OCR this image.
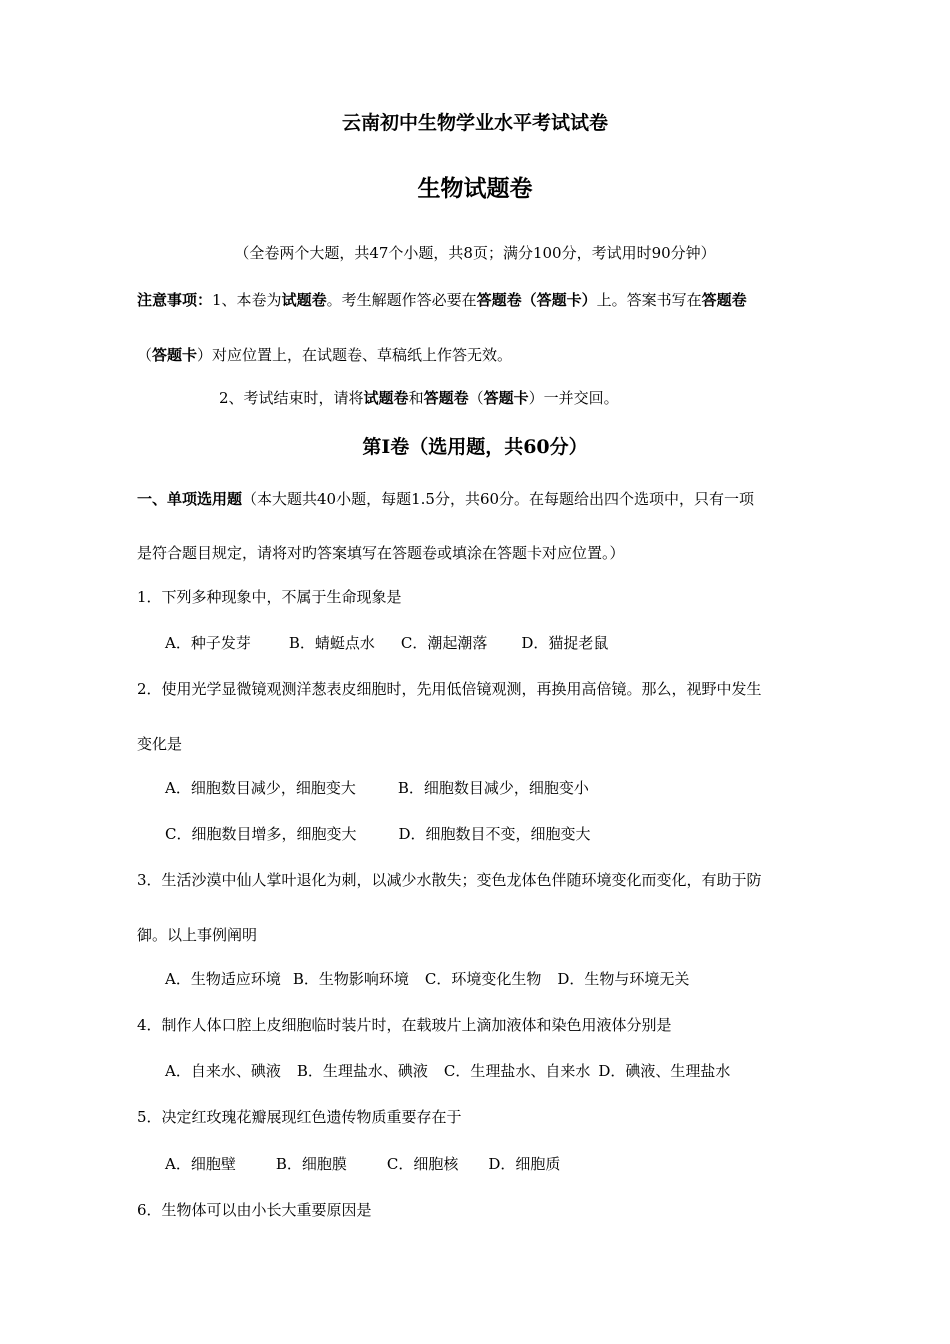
云南初中生物学业水平考试试卷
生物试题卷
（全卷两个大题，共47个小题，共8页；满分100分，考试用时90分钟）
注意事项：1、本卷为试题卷。考生解题作答必要在答题卷（答题卡）上。答案书写在答题卷
（答题卡）对应位置上，在试题卷、草稿纸上作答无效。
2、考试结束时，请将试题卷和答题卷（答题卡）一并交回。
第Ⅰ卷（选用题，共60分）
一、单项选用题（本大题共40小题，每题1.5分，共60分。在每题给出四个选项中，只有一项
是符合题目规定，请将对旳答案填写在答题卷或填涂在答题卡对应位置。）
1．下列多种现象中，不属于生命现象是
A．种子发芽	B．蜻蜓点水 C．潮起潮落 D．猫捉老鼠
2．使用光学显微镜观测洋葱表皮细胞时，先用低倍镜观测，再换用高倍镜。那么，视野中发生
变化是
A．细胞数目减少，细胞变大	B．细胞数目减少，细胞变小
C．细胞数目增多，细胞变大	D．细胞数目不变，细胞变大
3．生活沙漠中仙人掌叶退化为刺，以减少水散失；变色龙体色伴随环境变化而变化，有助于防
御。以上事例阐明
A．生物适应环境 B．生物影响环境 C．环境变化生物 D．生物与环境无关
4．制作人体口腔上皮细胞临时装片时，在载玻片上滴加液体和染色用液体分别是
A．自来水、碘液 B．生理盐水、碘液 C．生理盐水、自来水 D．碘液、生理盐水
5．决定红玫瑰花瓣展现红色遗传物质重要存在于
A．细胞壁	B．细胞膜	C．细胞核 D．细胞质
6．生物体可以由小长大重要原因是
